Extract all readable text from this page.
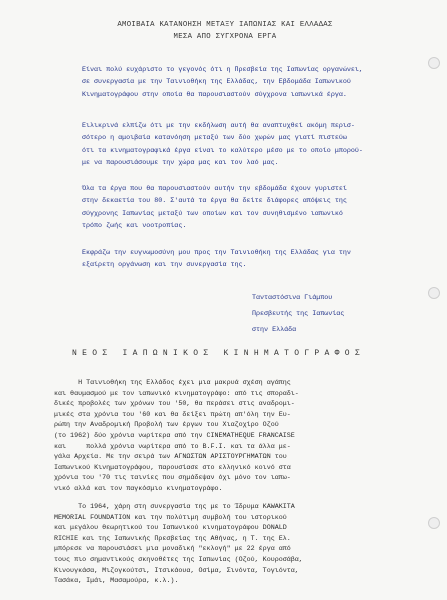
ΑΜΟΙΒΑΙΑ ΚΑΤΑΝΟΗΣΗ ΜΕΤΑΞΥ ΙΑΠΩΝΙΑΣ ΚΑΙ ΕΛΛΑΔΑΣ
ΜΕΣΑ ΑΠΟ ΣΥΓΧΡΟΝΑ ΕΡΓΑ

Είναι πολύ ευχάριστο το γεγονός ότι η Πρεσβεία της Ιαπωνίας οργανώνει,
σε συνεργασία με την Ταινιοθήκη της Ελλάδας, την Εβδομάδα Ιαπωνικού
Κινηματογράφου στην οποία θα παρουσιαστούν σύγχρονα ιαπωνικά έργα.

Ειλικρινά ελπίζω ότι με την εκδήλωση αυτή θα αναπτυχθεί ακόμη περισ-
σότερο η αμοιβαία κατανόηση μεταξύ των δύο χωρών μας γιατί πιστεύω
ότι τα κινηματογραφικά έργα είναι το καλύτερο μέσο με το οποίο μπορού-
με να παρουσιάσουμε την χώρα μας και τον λαό μας.

Όλα τα έργα που θα παρουσιαστούν αυτήν την εβδομάδα έχουν γυριστεί
στην δεκαετία του 80. Σ'αυτά τα έργα θα δείτε διάφορες απόψεις της
σύγχρονης Ιαπωνίας μεταξύ των οποίων και τον συνηθισμένο ιαπωνικό
τρόπο ζωής και νοοτροπίας.

Εκφράζω την ευγνωμοσύνη μου προς την Ταινιοθήκη της Ελλάδας για την
εξαίρετη οργάνωση και την συνεργασία της.

Τανταστόσινα Γιάμπου

Πρεσβευτής της Ιαπωνίας

στην Ελλάδα

ΝΕΟΣ ΙΑΠΩΝΙΚΟΣ ΚΙΝΗΜΑΤΟΓΡΑΦΟΣ

Η Ταινιοθήκη της Ελλάδος έχει μια μακρυά σχέση αγάπης
και θαυμασμού με τον ιαπωνικό κινηματογράφο: από τις σποραδι-
δικές προβολές των χρόνων του '50, θα περάσει στις αναδρομι-
μικές στα χρόνια του '60 και θα δείξει πρώτη απ'όλη την Ευ-
ρώπη την Αναδρομική Προβολή των έργων του Χιαζοχίρο Οζού
(το 1962) δύο χρόνια νωρίτερα από την CINEMATHEQUE FRANCAISE
και     πολλά χρόνια νωρίτερα από το B.F.I. και τα άλλα με-
γάλα Αρχεία. Με την σειρά των ΑΓΝΩΣΤΩΝ ΑΡΙΣΤΟΥΡΓΗΜΑΤΩΝ του
Ιαπωνικού Κινηματογράφου, παρουσίασε στο ελληνικό κοινό στα
χρόνια του '70 τις ταινίες που σημάδεψαν όχι μόνο τον ιαπω-
νικό αλλά και τον παγκόσμιο κινηματογράφο.

Το 1964, χάρη στη συνεργασία της με το Ίδρυμα KAWAKITA
MEMORIAL FOUNDATION και την πολύτιμη συμβολή του ιστορικού
και μεγάλου θεωρητικού του Ιαπωνικού κινηματογράφου DONALD
RICHIE και της Ιαπωνικής Πρεσβείας της Αθήνας, η Τ. της Ελ.
μπόρεσε να παρουσιάσει μια μοναδική "εκλογή" με 22 έργα από
τους πιο σημαντικούς σκηνοθέτες της Ιαπωνίας (Οζού, Κουροσάβα,
Κινουγκάσα, Μιζογκούτσι, Ιτσικάουα, Οσίμα, Σινόντα, Τογιόντα,
Τασάκα, Ιμάι, Μασαμούρα, κ.λ.).
